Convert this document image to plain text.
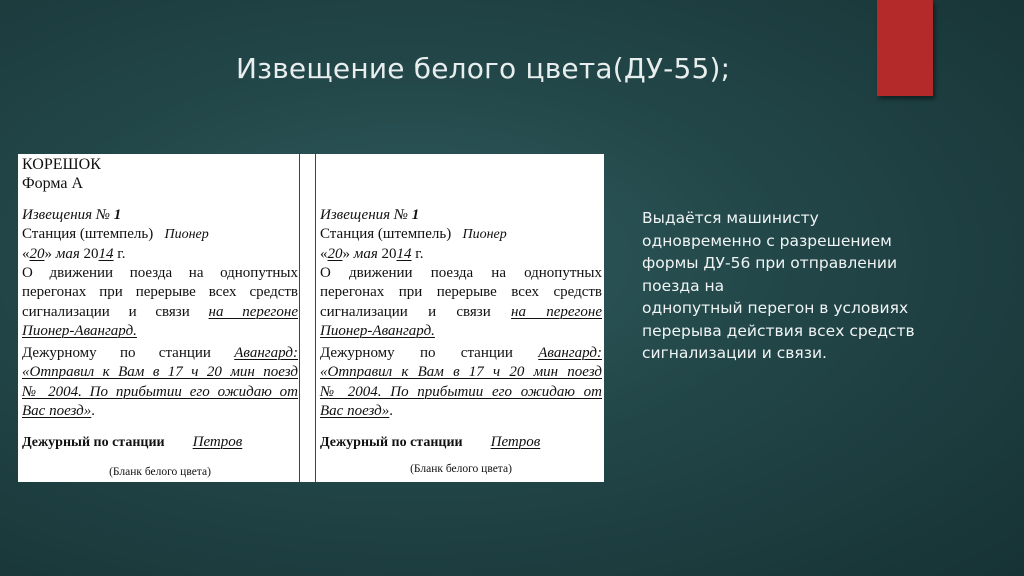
Извещение белого цвета(ДУ-55);
КОРЕШОК
Форма А
Извещения № 1
Станция (штемпель) Пионер
«20» мая 2014 г.
О движении поезда на однопутных
перегонах при перерыве всех средств
сигнализации и связи на перегоне
Пионер-Авангард.
Дежурному по станции Авангард:
«Отправил к Вам в 17 ч 20 мин поезд
№ 2004. По прибытии его ожидаю от
Вас поезд».
Дежурный по станции Петров
(Бланк белого цвета)
Извещения № 1
Станция (штемпель) Пионер
«20» мая 2014 г.
О движении поезда на однопутных
перегонах при перерыве всех средств
сигнализации и связи на перегоне
Пионер-Авангард.
Дежурному по станции Авангард:
«Отправил к Вам в 17 ч 20 мин поезд
№ 2004. По прибытии его ожидаю от
Вас поезд».
Дежурный по станции Петров
(Бланк белого цвета)

Выдаётся машинисту
одновременно с разрешением
формы ДУ-56 при отправлении
поезда на
однопутный перегон в условиях
перерыва действия всех средств
сигнализации и связи.
